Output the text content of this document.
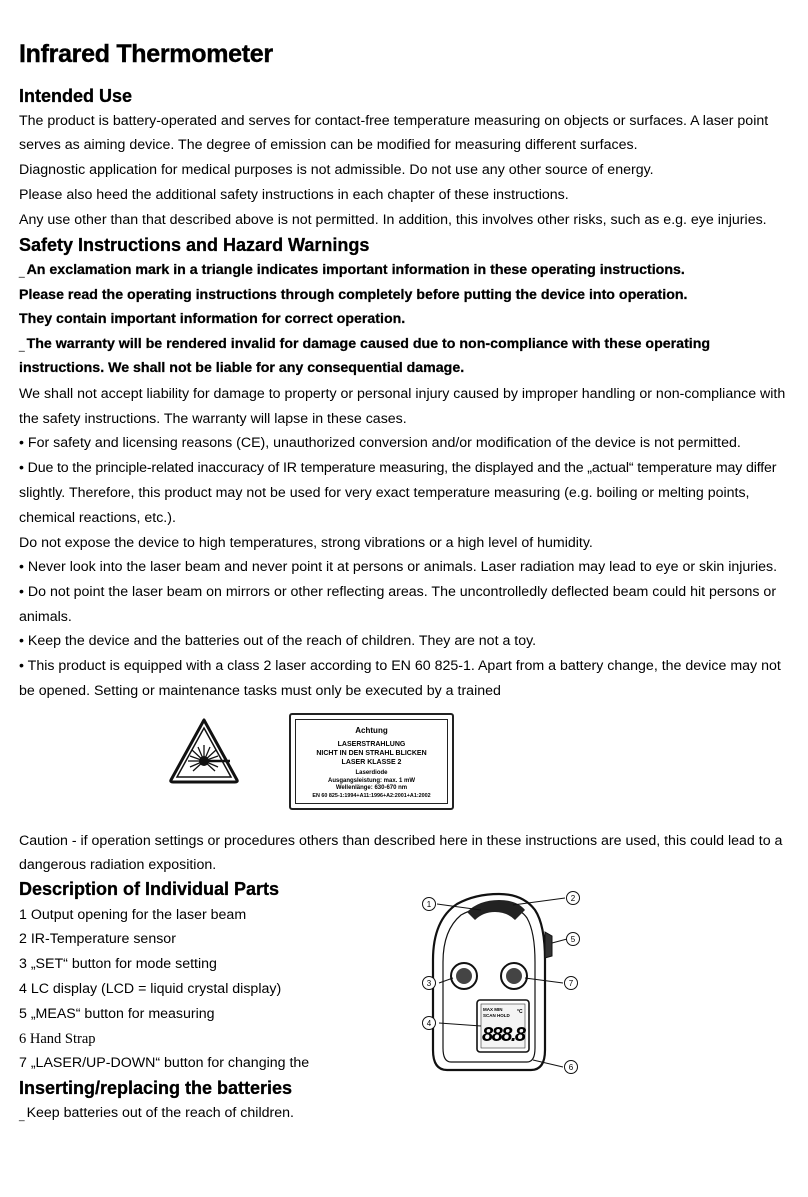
Infrared Thermometer
Intended Use

The product is battery-operated and serves for contact-free temperature measuring on objects or surfaces. A laser point

serves as aiming device. The degree of emission can be modified for measuring different surfaces.

Diagnostic application for medical purposes is not admissible. Do not use any other source of energy.

Please also heed the additional safety instructions in each chapter of these instructions.

Any use other than that described above is not permitted. In addition, this involves other risks, such as e.g. eye injuries.

Safety Instructions and Hazard Warnings

_ An exclamation mark in a triangle indicates important information in these operating instructions.

Please read the operating instructions through completely before putting the device into operation.

They contain important information for correct operation.

_ The warranty will be rendered invalid for damage caused due to non-compliance with these operating

instructions. We shall not be liable for any consequential damage.

We shall not accept liability for damage to property or personal injury caused by improper handling or non-compliance with

the safety instructions. The warranty will lapse in these cases.

• For safety and licensing reasons (CE), unauthorized conversion and/or modification of the device is not permitted.

• Due to the principle-related inaccuracy of IR temperature measuring, the displayed and the „actual“ temperature may differ

slightly. Therefore, this product may not be used for very exact temperature measuring (e.g. boiling or melting points,

chemical reactions, etc.).

Do not expose the device to high temperatures, strong vibrations or a high level of humidity.

• Never look into the laser beam and never point it at persons or animals. Laser radiation may lead to eye or skin injuries.

• Do not point the laser beam on mirrors or other reflecting areas. The uncontrolledly deflected beam could hit persons or

animals.

• Keep the device and the batteries out of the reach of children. They are not a toy.

• This product is equipped with a class 2 laser according to EN 60 825-1. Apart from a battery change, the device may not

be opened. Setting or maintenance tasks must only be executed by a trained

Achtung
LASERSTRAHLUNG
NICHT IN DEN STRAHL BLICKEN
LASER KLASSE 2
Laserdiode
Ausgangsleistung: max. 1 mW
Wellenlänge: 630-670 nm
EN 60 825-1:1994+A11:1996+A2:2001+A1:2002

Caution - if operation settings or procedures others than described here in these instructions are used, this could lead to a

dangerous radiation exposition.

Description of Individual Parts

1 Output opening for the laser beam

2 IR-Temperature sensor

3 „SET“ button for mode setting

4 LC display (LCD = liquid crystal display)

5 „MEAS“ button for measuring

6 Hand Strap

7 „LASER/UP-DOWN“ button for changing the

MAX MIN
SCAN HOLD
888.8
°C
1
2
3
4
5
6
7
Inserting/replacing the batteries

_ Keep batteries out of the reach of children.
